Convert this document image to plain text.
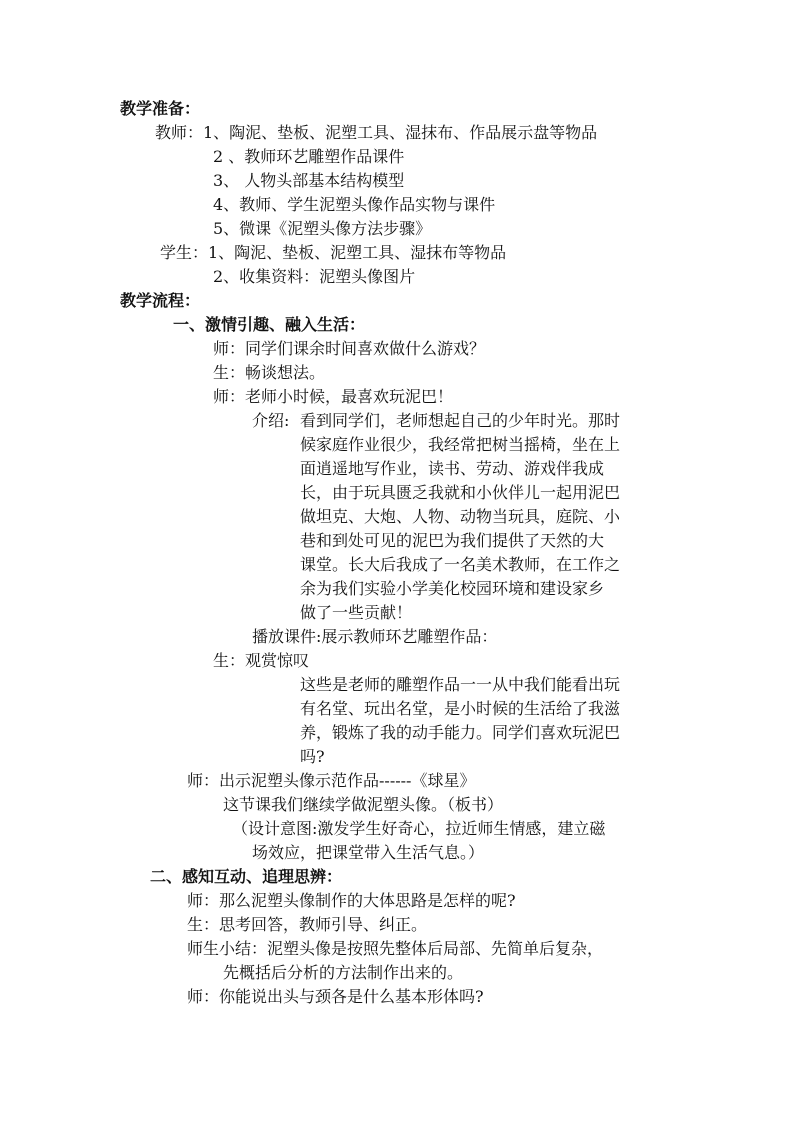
教学准备：
教师： 1、陶泥、垫板、泥塑工具、湿抹布、作品展示盘等物品
2 、教师环艺雕塑作品课件
3、 人物头部基本结构模型
4、教师、学生泥塑头像作品实物与课件
5、微课《泥塑头像方法步骤》
学生： 1、陶泥、垫板、泥塑工具、湿抹布等物品
2、收集资料：泥塑头像图片
教学流程：
一、激情引趣、融入生活：
师：同学们课余时间喜欢做什么游戏？
生：畅谈想法。
师：老师小时候，最喜欢玩泥巴！
介绍: 看到同学们，老师想起自己的少年时光。那时
候家庭作业很少，我经常把树当摇椅，坐在上
面逍遥地写作业，读书、劳动、游戏伴我成
长，由于玩具匮乏我就和小伙伴儿一起用泥巴
做坦克、大炮、人物、动物当玩具，庭院、小
巷和到处可见的泥巴为我们提供了天然的大
课堂。长大后我成了一名美术教师，在工作之
余为我们实验小学美化校园环境和建设家乡
做了一些贡献！
播放课件:展示教师环艺雕塑作品：
生：观赏惊叹
这些是老师的雕塑作品一一从中我们能看出玩
有名堂、玩出名堂，是小时候的生活给了我滋
养，锻炼了我的动手能力。同学们喜欢玩泥巴
吗?
师：出示泥塑头像示范作品------《球星》
这节课我们继续学做泥塑头像。（板书）
（设计意图:激发学生好奇心，拉近师生情感，建立磁
场效应，把课堂带入生活气息。）
二、感知互动、追理思辨：
师：那么泥塑头像制作的大体思路是怎样的呢?
生：思考回答，教师引导、纠正。
师生小结：泥塑头像是按照先整体后局部、先简单后复杂，
先概括后分析的方法制作出来的。
师：你能说出头与颈各是什么基本形体吗?
